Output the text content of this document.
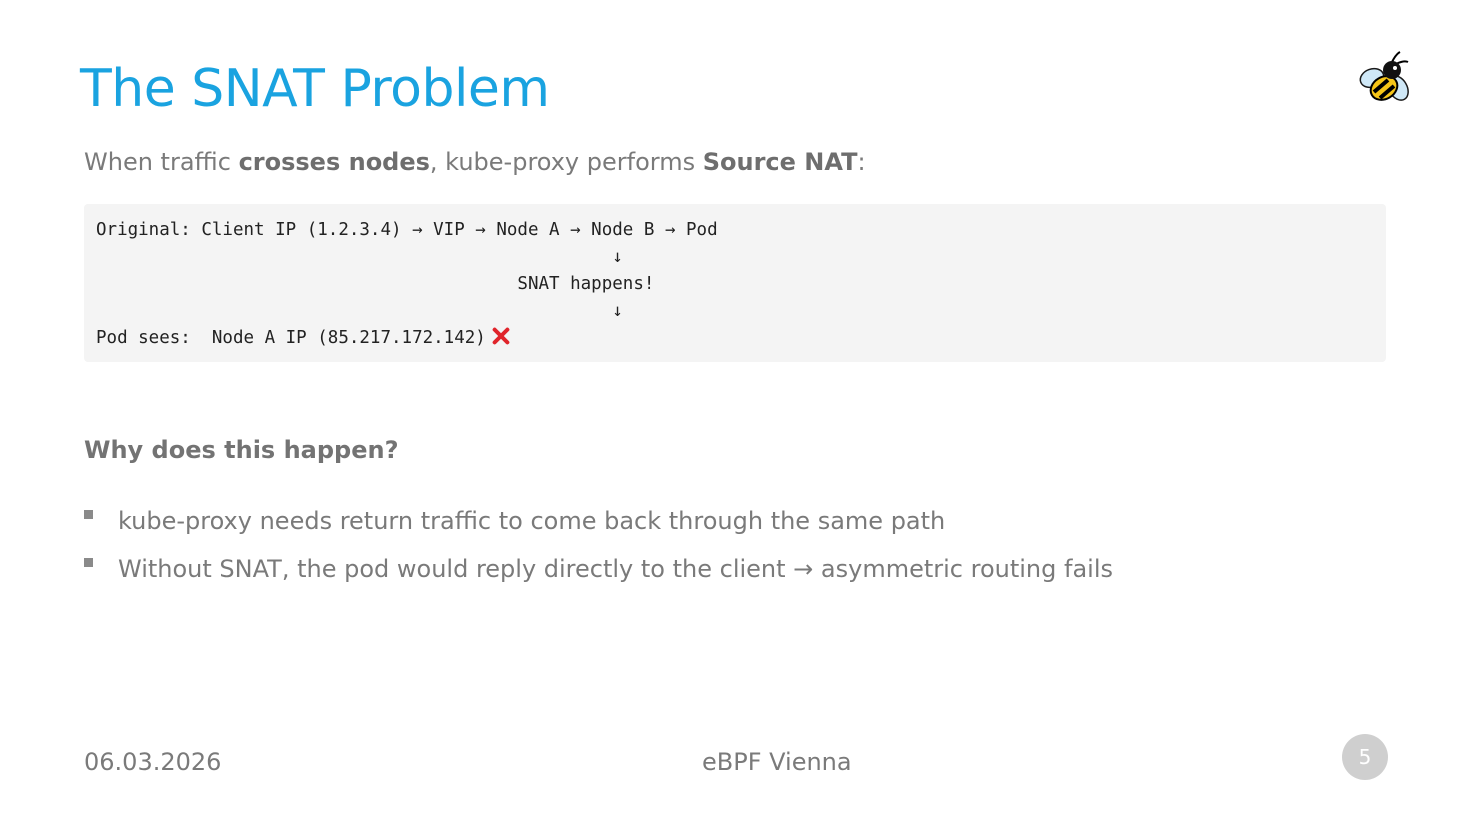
The SNAT Problem

When traffic crosses nodes, kube-proxy performs Source NAT:

Original: Client IP (1.2.3.4) → VIP → Node A → Node B → Pod
↓
SNAT happens!
↓
Pod sees:  Node A IP (85.217.172.142)
Why does this happen?
kube-proxy needs return traffic to come back through the same path
Without SNAT, the pod would reply directly to the client → asymmetric routing fails
06.03.2026	eBPF Vienna	5
